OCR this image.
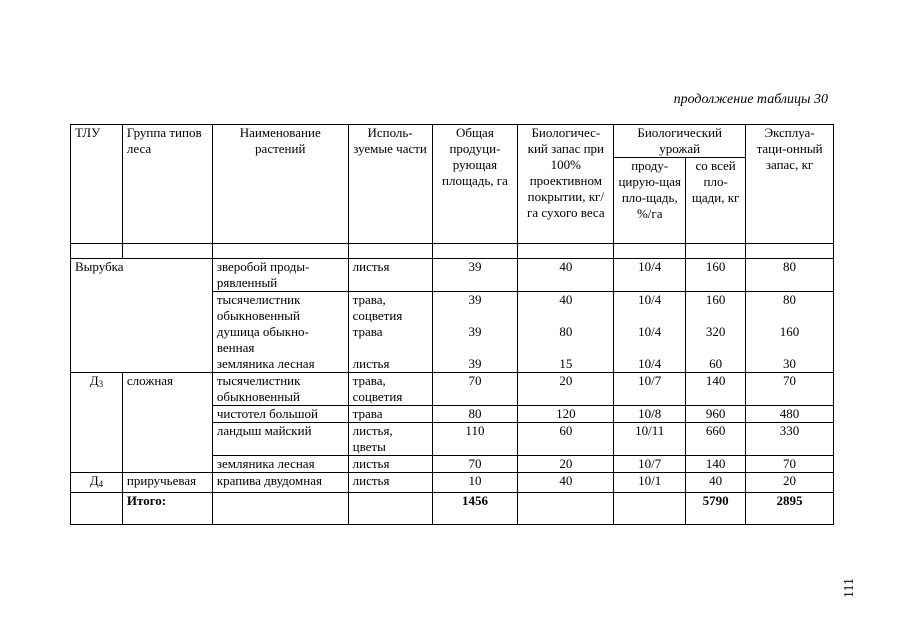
продолжение таблицы 30
ТЛУ	Группа типов леса	Наименование растений	Исполь-зуемые части	Общая продуци-рующая площадь, га	Биологичес-кий запас при 100% проективном покрытии, кг/га сухого веса	Биологический урожай		Эксплуа-таци-онный запас, кг
						проду-цирую-щая пло-щадь, %/га	со всей пло-щади, кг	

Вырубка		зверобой проды-рявленный	листья	39	40	10/4	160	80
		тысячелистник обыкновенный	трава, соцветия	39	40	10/4	160	80
		душица обыкно-венная	трава	39	80	10/4	320	160
		земляника лесная	листья	39	15	10/4	60	30
$Д_3$	сложная	тысячелистник обыкновенный	трава, соцветия	70	20	10/7	140	70
		чистотел большой	трава	80	120	10/8	960	480
		ландыш майский	листья, цветы	110	60	10/11	660	330
		земляника лесная	листья	70	20	10/7	140	70
$Д_4$	приручьевая	крапива двудомная	листья	10	40	10/1	40	20
	Итого:			1456			5790	2895
111
